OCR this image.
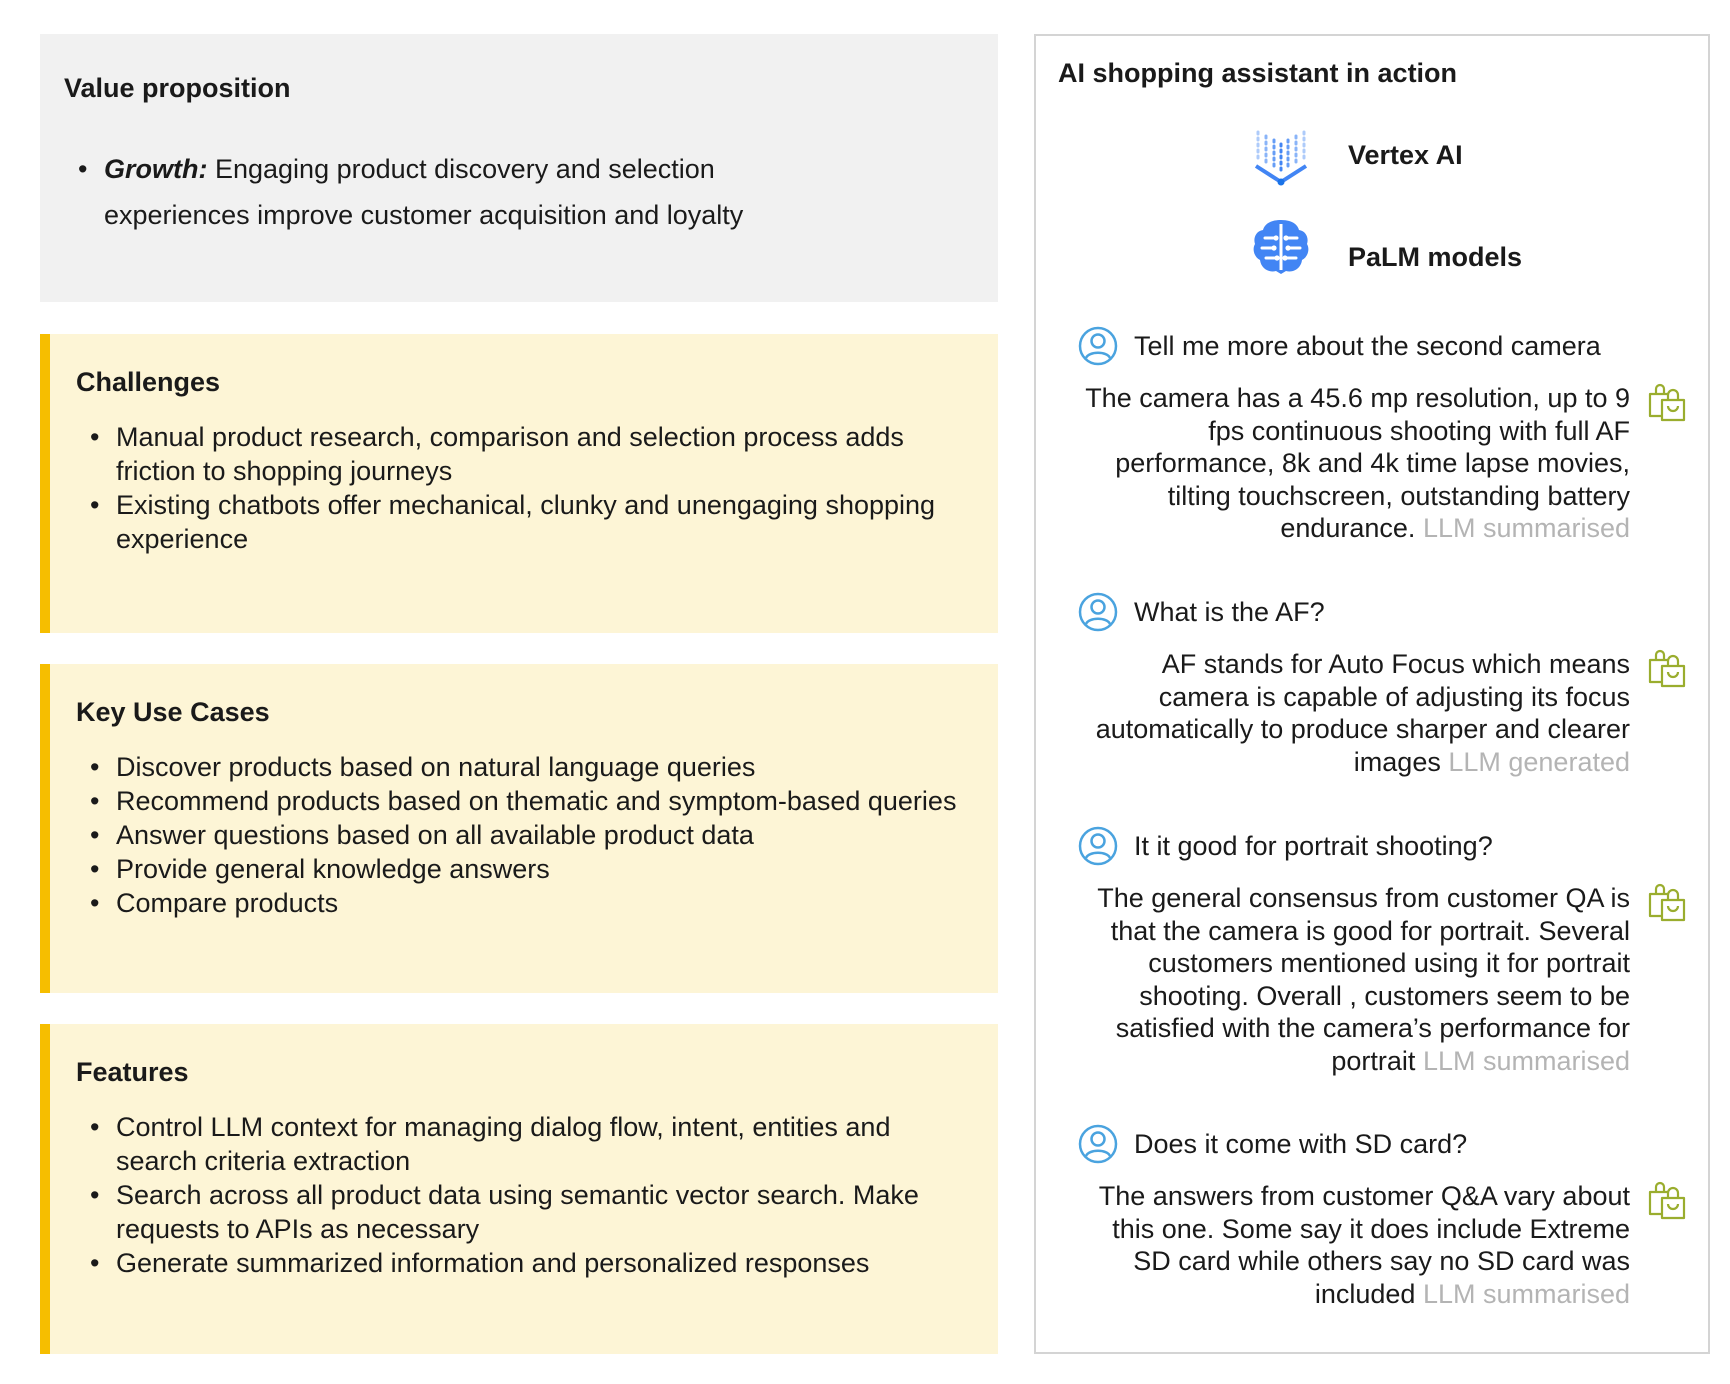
Value proposition
• Growth: Engaging product discovery and selection experiences improve customer acquisition and loyalty
Challenges
• Manual product research, comparison and selection process adds friction to shopping journeys
• Existing chatbots offer mechanical, clunky and unengaging shopping experience
Key Use Cases
• Discover products based on natural language queries
• Recommend products based on thematic and symptom-based queries
• Answer questions based on all available product data
• Provide general knowledge answers
• Compare products
Features
• Control LLM context for managing dialog flow, intent, entities and search criteria extraction
• Search across all product data using semantic vector search. Make requests to APIs as necessary
• Generate summarized information and personalized responses
AI shopping assistant in action
Vertex AI
PaLM models
Tell me more about the second camera

The camera has a 45.6 mp resolution, up to 9 fps continuous shooting with full AF performance, 8k and 4k time lapse movies, tilting touchscreen, outstanding battery endurance. LLM summarised

What is the AF?

AF stands for Auto Focus which means camera is capable of adjusting its focus automatically to produce sharper and clearer images LLM generated

It it good for portrait shooting?

The general consensus from customer QA is that the camera is good for portrait. Several customers mentioned using it for portrait shooting. Overall , customers seem to be satisfied with the camera’s performance for portrait LLM summarised

Does it come with SD card?

The answers from customer Q&A vary about this one. Some say it does include Extreme SD card while others say no SD card was included LLM summarised
